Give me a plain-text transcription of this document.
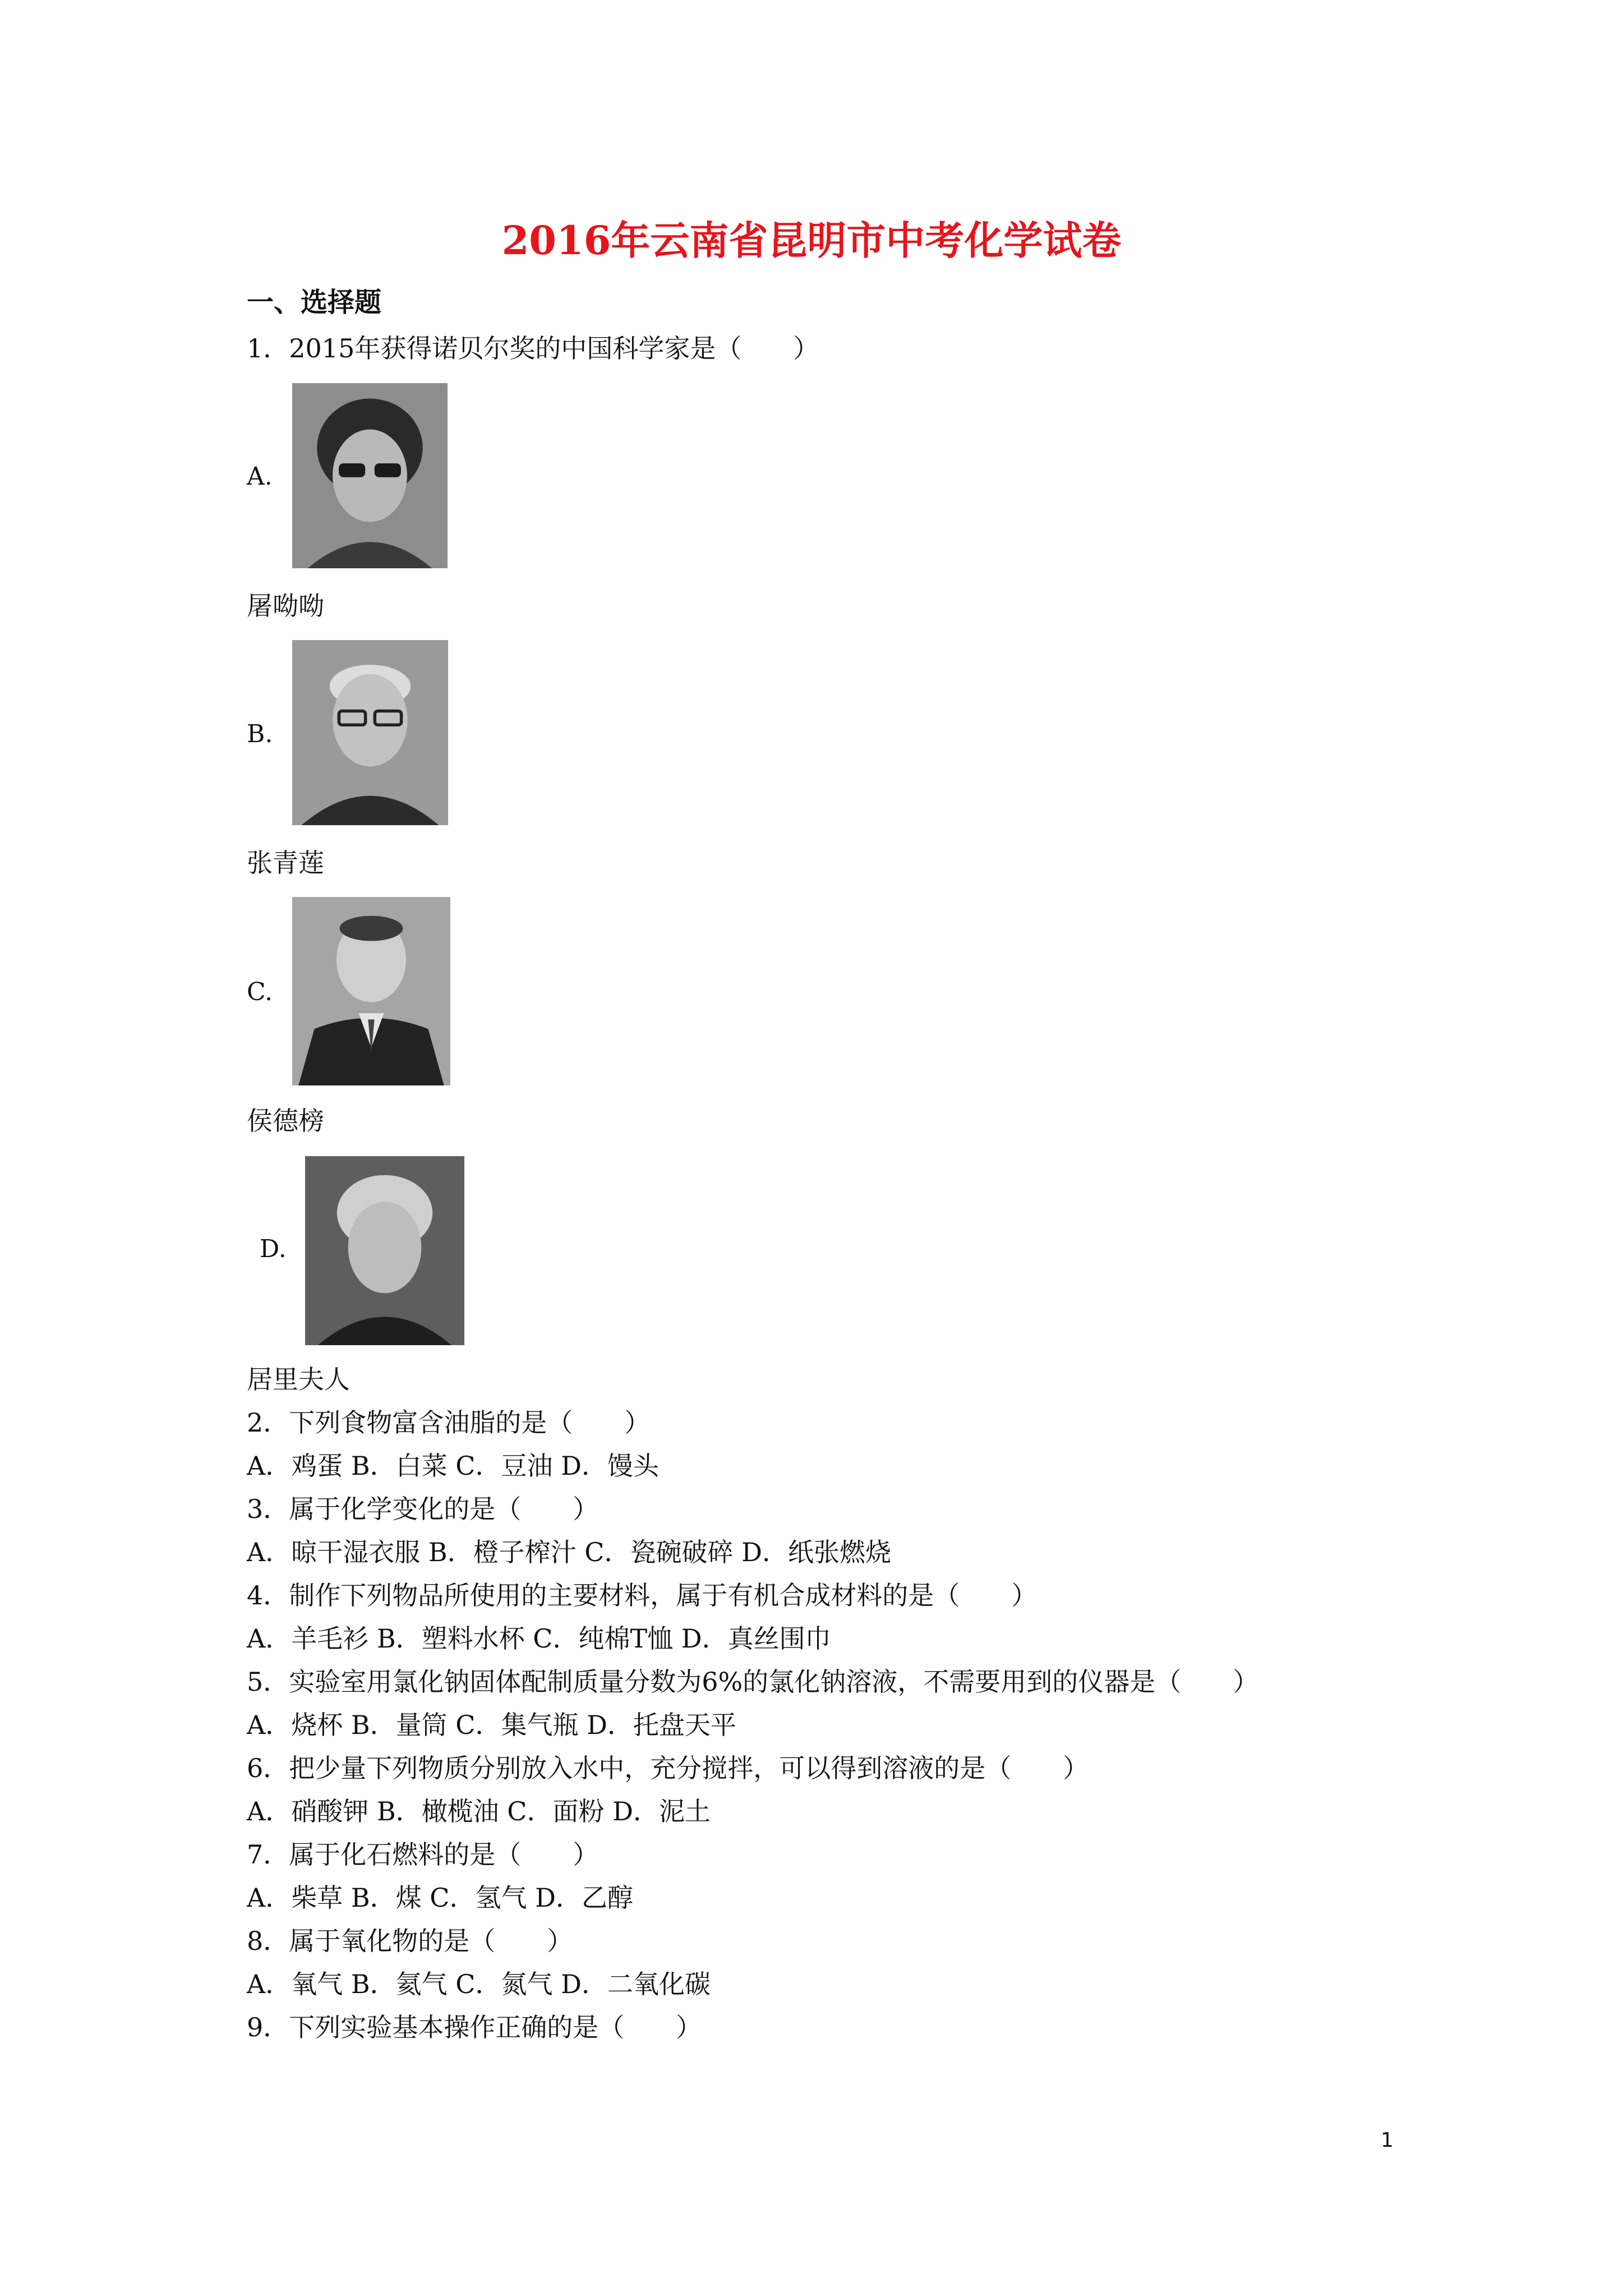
2016年云南省昆明市中考化学试卷

一、选择题

1．2015年获得诺贝尔奖的中国科学家是（　　）

A.

屠呦呦

B.

张青莲

C.

侯德榜

D.

居里夫人

2．下列食物富含油脂的是（　　）

A．鸡蛋 B．白菜 C．豆油 D．馒头

3．属于化学变化的是（　　）

A．晾干湿衣服 B．橙子榨汁 C．瓷碗破碎 D．纸张燃烧

4．制作下列物品所使用的主要材料，属于有机合成材料的是（　　）

A．羊毛衫 B．塑料水杯 C．纯棉T恤 D．真丝围巾

5．实验室用氯化钠固体配制质量分数为6%的氯化钠溶液，不需要用到的仪器是（　　）

A．烧杯 B．量筒 C．集气瓶 D．托盘天平

6．把少量下列物质分别放入水中，充分搅拌，可以得到溶液的是（　　）

A．硝酸钾 B．橄榄油 C．面粉 D．泥土

7．属于化石燃料的是（　　）

A．柴草 B．煤 C．氢气 D．乙醇

8．属于氧化物的是（　　）

A．氧气 B．氦气 C．氮气 D．二氧化碳

9．下列实验基本操作正确的是（　　）

1
